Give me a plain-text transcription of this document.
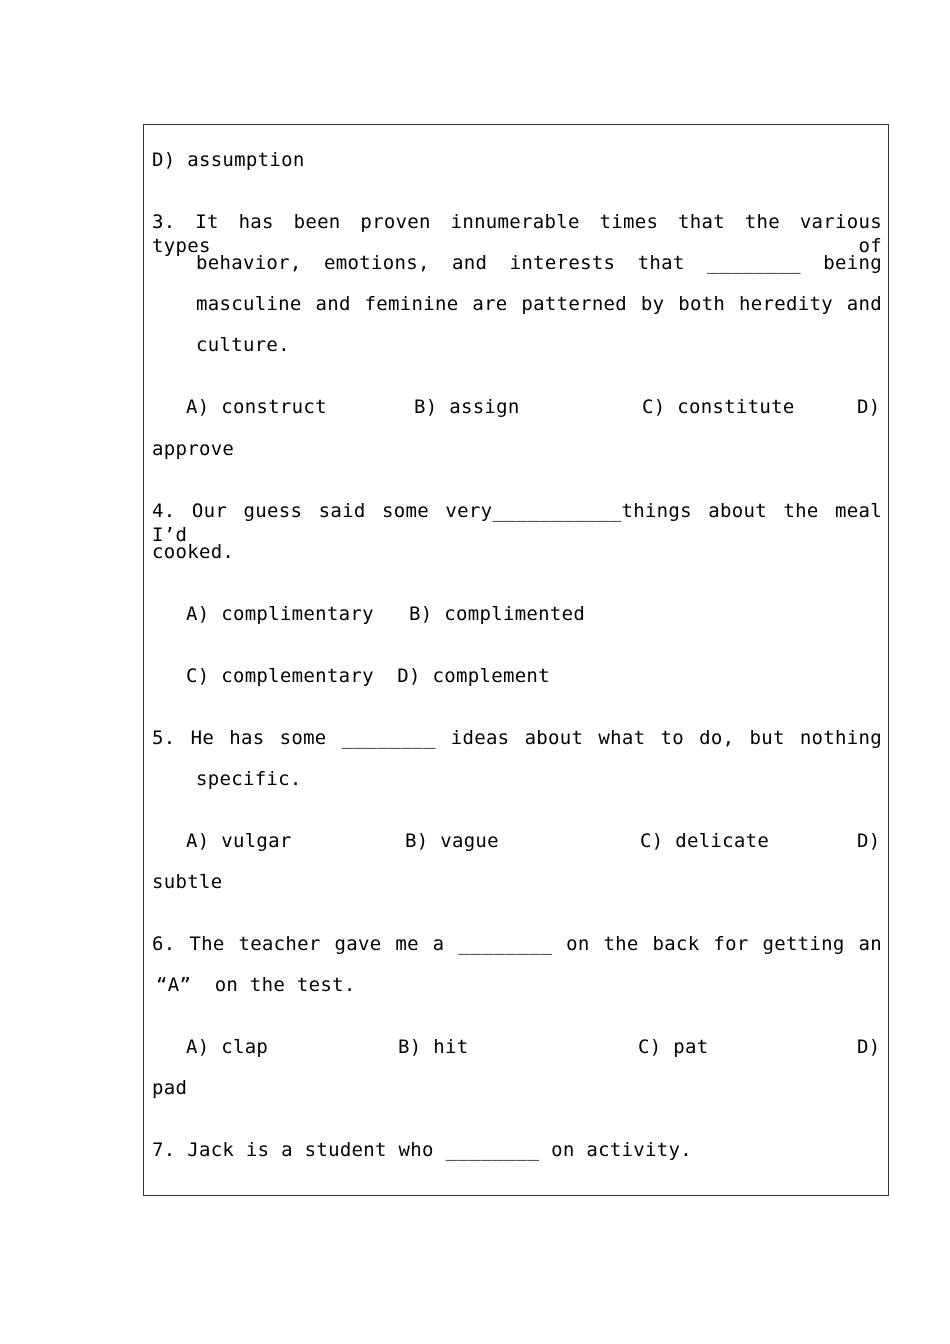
D) assumption
3. It has been proven innumerable times that the various types of
behavior, emotions, and interests that ________ being
masculine and feminine are patterned by both heredity and
culture.
A) construct	B) assign	C) constitute	D)
approve
4. Our guess said some very___________things about the meal I’d
cooked.
A) complimentary   B) complimented
C) complementary  D) complement
5. He has some ________ ideas about what to do, but nothing
specific.
A) vulgar	B) vague	C) delicate	D)
subtle
6. The teacher gave me a ________ on the back for getting an
“A”  on the test.
A) clap	B) hit	C) pat	D)
pad
7. Jack is a student who ________ on activity.
